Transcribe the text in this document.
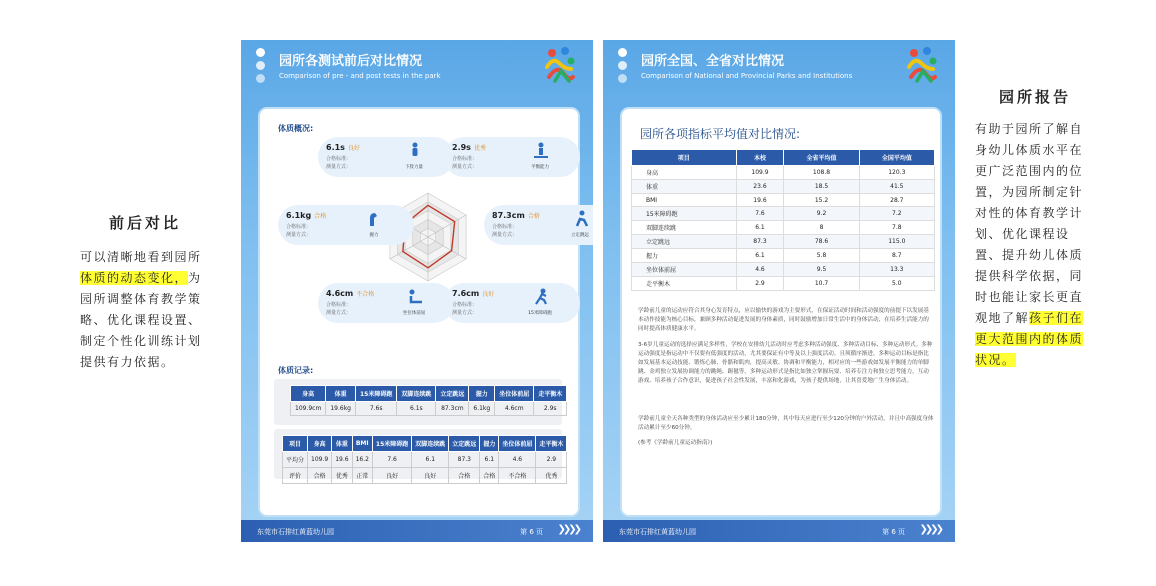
前后对比
可以清晰地看到园所体质的动态变化，为园所调整体育教学策略、优化课程设置、制定个性化训练计划提供有力依据。
园所各测试前后对比情况
Comparison of pre - and post tests in the park
体质概况:
6.1s 良好
合格标准：
测量方式：	下肢力量
2.9s 优秀
合格标准：
测量方式：	平衡能力
6.1kg 合格
合格标准：
测量方式：	握力
87.3cm 合格
合格标准：
测量方式：	立定跳远
4.6cm 不合格
合格标准：
测量方式：	坐位体前屈
7.6cm 良好
合格标准：
测量方式：	15米障碍跑
体质记录:
身高	体重	15米障碍跑	双脚连续跳	立定跳远	握力	坐位体前屈	走平衡木
109.9cm	19.6kg	7.6s	6.1s	87.3cm	6.1kg	4.6cm	2.9s
项目	身高	体重	BMI	15米障碍跑	双脚连续跳	立定跳远	握力	坐位体前屈	走平衡木
平均分	109.9	19.6	16.2	7.6	6.1	87.3	6.1	4.6	2.9
评价	合格	优秀	正常	良好	良好	合格	合格	不合格	优秀
东莞市石排红黄蓝幼儿园	第 6 页 ❯❯❯❯
园所全国、全省对比情况
Comparison of National and Provincial Parks and Institutions
园所各项指标平均值对比情况:
项目	本校	全省平均值	全国平均值
身高	109.9	108.8	120.3
体重	23.6	18.5	41.5
BMI	19.6	15.2	28.7
15米障碍跑	7.6	9.2	7.2
双脚连续跳	6.1	8	7.8
立定跳远	87.3	78.6	115.0
握力	6.1	5.8	8.7
坐位体前屈	4.6	9.5	13.3
走平衡木	2.9	10.7	5.0
学龄前儿童的运动应符合其身心发育特点，应以愉快的游戏为主要形式，在保证活动时间和活动强度的前提下以发展基本动作技能为核心目标，兼顾多种活动促进发展的身体素质，同时鼓励增加日常生活中的身体活动，在培养生活能力的同时提高体质健康水平。
3-6岁儿童运动的选择应满足多样性，学校在安排幼儿活动时应考虑多种活动强度、多种活动目标、多种运动形式。多种运动强度是指运动中不仅要有低强度的活动，尤其要保证有中等及以上强度活动。且须循序渐进。多种运动目标是指比如发展基本运动技能、锻炼心肺、骨骼和肌肉，提高灵敏、协调和平衡能力，相对应的一些游戏如发展平衡能力的单脚跳、金鸡独立发展协调能力的跳绳、踢毽等，多种运动形式是指比如独立掌握玩耍、培养专注力和独立思考能力，互动游戏、培养孩子合作意识，促进孩子社会性发展，丰富和化游戏，为孩子提供场地，让其喜爱地广生身体活动。
学龄前儿童全天各种类型的身体活动应至少累计180分钟，其中每天应进行至少120分钟的户外活动，并且中高强度身体活动累计至少60分钟。
(参考《学龄前儿童运动指南》)
东莞市石排红黄蓝幼儿园	第 6 页 ❯❯❯❯
园所报告
有助于园所了解自身幼儿体质水平在更广泛范围内的位置，为园所制定针对性的体育教学计划、优化课程设置、提升幼儿体质提供科学依据，同时也能让家长更直观地了解孩子们在更大范围内的体质状况。
